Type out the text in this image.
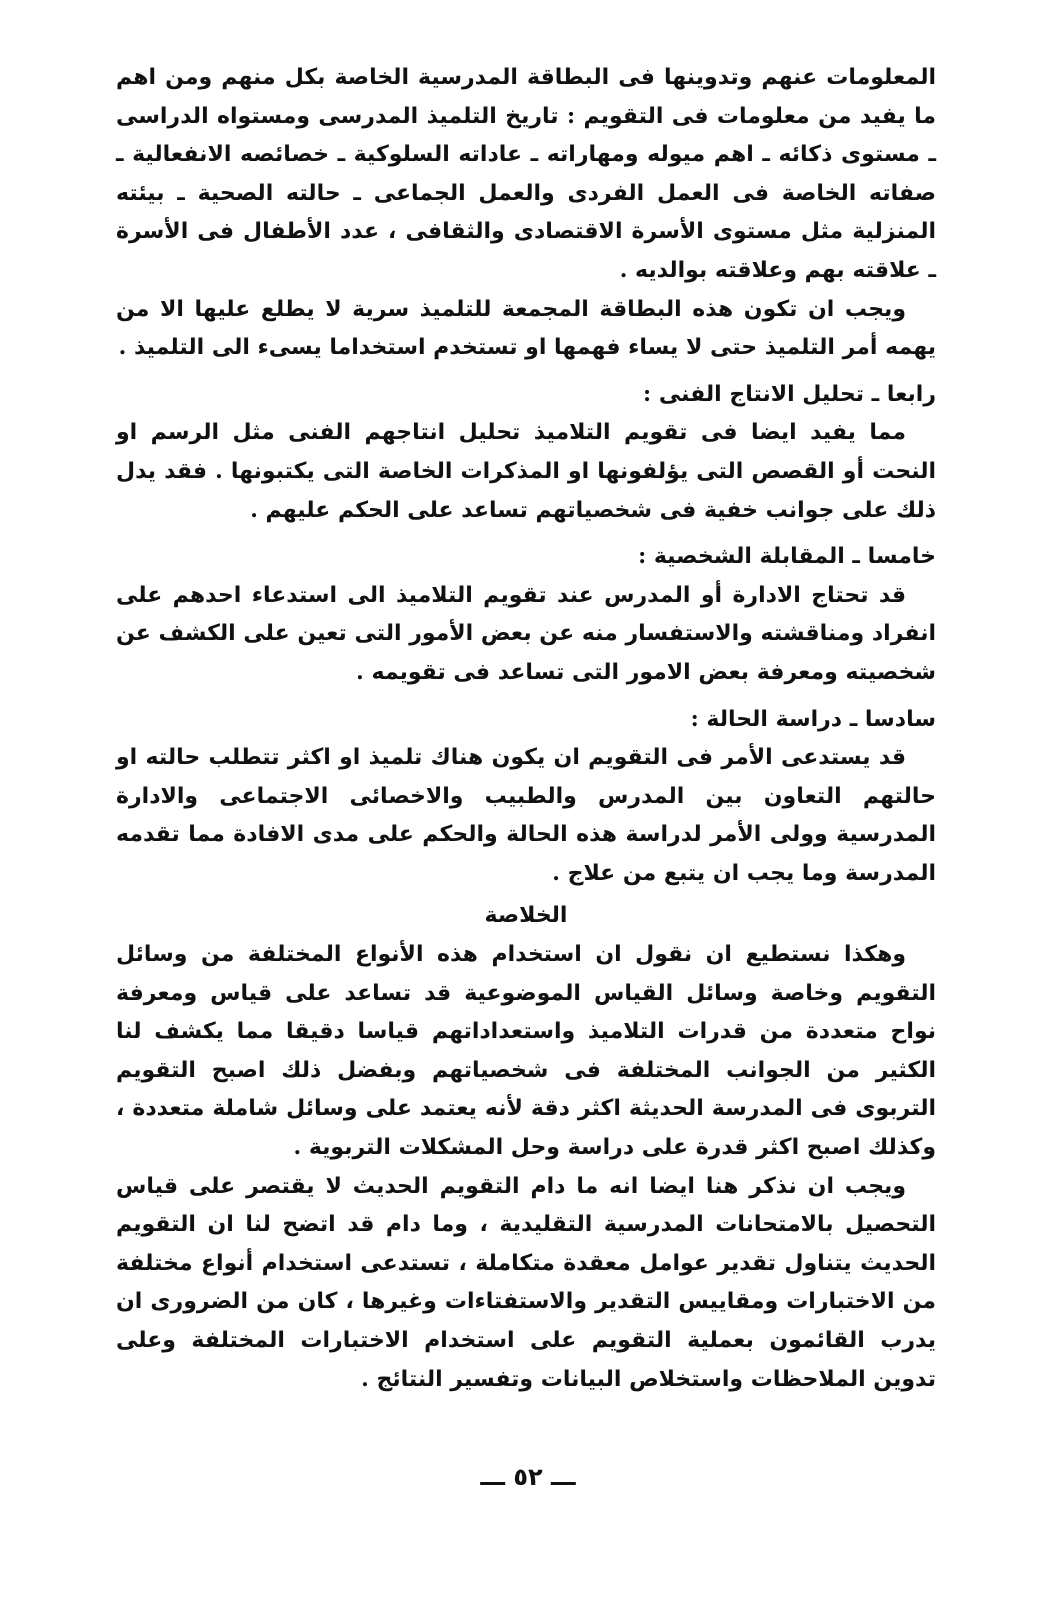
المعلومات عنهم وتدوينها فى البطاقة المدرسية الخاصة بكل منهم ومن اهم ما يفيد من معلومات فى التقويم : تاريخ التلميذ المدرسى ومستواه الدراسى ـ مستوى ذكائه ـ اهم ميوله ومهاراته ـ عاداته السلوكية ـ خصائصه الانفعالية ـ صفاته الخاصة فى العمل الفردى والعمل الجماعى ـ حالته الصحية ـ بيئته المنزلية مثل مستوى الأسرة الاقتصادى والثقافى ، عدد الأطفال فى الأسرة ـ علاقته بهم وعلاقته بوالديه .

ويجب ان تكون هذه البطاقة المجمعة للتلميذ سرية لا يطلع عليها الا من يهمه أمر التلميذ حتى لا يساء فهمها او تستخدم استخداما يسىء الى التلميذ .

رابعا ـ تحليل الانتاج الفنى :

مما يفيد ايضا فى تقويم التلاميذ تحليل انتاجهم الفنى مثل الرسم او النحت أو القصص التى يؤلفونها او المذكرات الخاصة التى يكتبونها . فقد يدل ذلك على جوانب خفية فى شخصياتهم تساعد على الحكم عليهم .

خامسا ـ المقابلة الشخصية :

قد تحتاج الادارة أو المدرس عند تقويم التلاميذ الى استدعاء احدهم على انفراد ومناقشته والاستفسار منه عن بعض الأمور التى تعين على الكشف عن شخصيته ومعرفة بعض الامور التى تساعد فى تقويمه .

سادسا ـ دراسة الحالة :

قد يستدعى الأمر فى التقويم ان يكون هناك تلميذ او اكثر تتطلب حالته او حالتهم التعاون بين المدرس والطبيب والاخصائى الاجتماعى والادارة المدرسية وولى الأمر لدراسة هذه الحالة والحكم على مدى الافادة مما تقدمه المدرسة وما يجب ان يتبع من علاج .

الخلاصة

وهكذا نستطيع ان نقول ان استخدام هذه الأنواع المختلفة من وسائل التقويم وخاصة وسائل القياس الموضوعية قد تساعد على قياس ومعرفة نواح متعددة من قدرات التلاميذ واستعداداتهم قياسا دقيقا مما يكشف لنا الكثير من الجوانب المختلفة فى شخصياتهم وبفضل ذلك اصبح التقويم التربوى فى المدرسة الحديثة اكثر دقة لأنه يعتمد على وسائل شاملة متعددة ، وكذلك اصبح اكثر قدرة على دراسة وحل المشكلات التربوية .

ويجب ان نذكر هنا ايضا انه ما دام التقويم الحديث لا يقتصر على قياس التحصيل بالامتحانات المدرسية التقليدية ، وما دام قد اتضح لنا ان التقويم الحديث يتناول تقدير عوامل معقدة متكاملة ، تستدعى استخدام أنواع مختلفة من الاختبارات ومقاييس التقدير والاستفتاءات وغيرها ، كان من الضرورى ان يدرب القائمون بعملية التقويم على استخدام الاختبارات المختلفة وعلى تدوين الملاحظات واستخلاص البيانات وتفسير النتائج .

ـــ ٥٢ ـــ
